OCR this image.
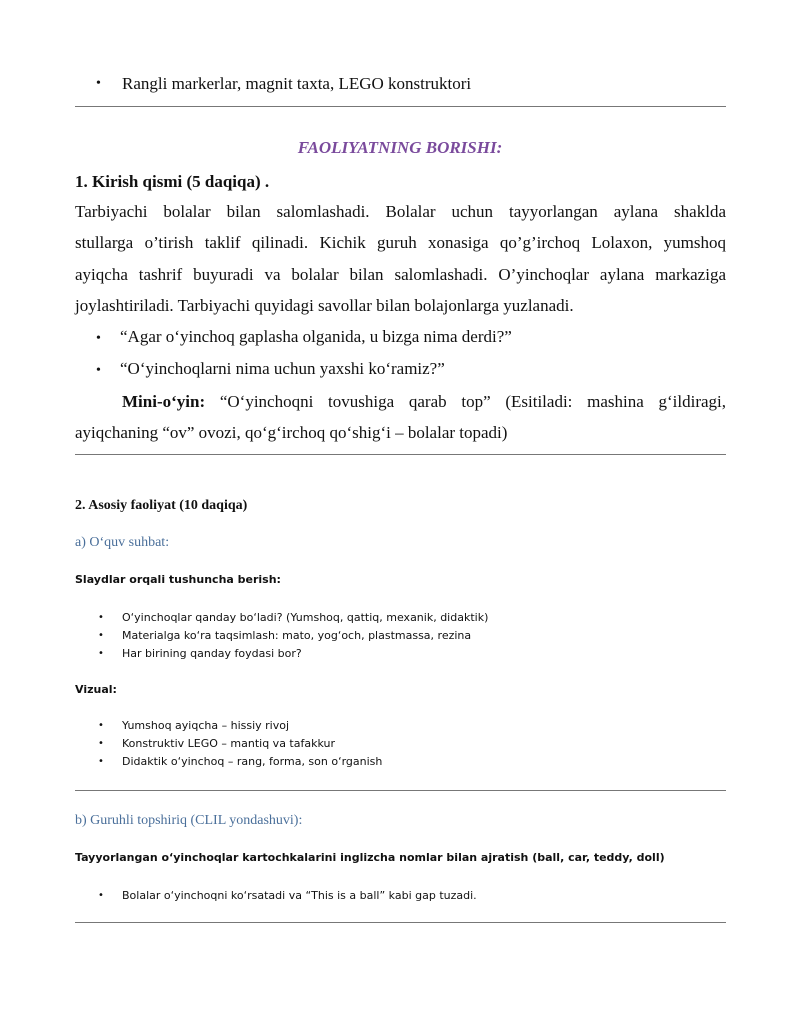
• Rangli markerlar, magnit taxta, LEGO konstruktori
FAOLIYATNING BORISHI:
1. Kirish qismi (5 daqiqa) .
Tarbiyachi bolalar bilan salomlashadi. Bolalar uchun tayyorlangan aylana shaklda
stullarga o’tirish taklif qilinadi. Kichik guruh xonasiga qo’g’irchoq Lolaxon, yumshoq
ayiqcha tashrif buyuradi va bolalar bilan salomlashadi. O’yinchoqlar aylana markaziga
joylashtiriladi. Tarbiyachi quyidagi savollar bilan bolajonlarga yuzlanadi.
• “Agar o‘yinchoq gaplasha olganida, u bizga nima derdi?”
• “O‘yinchoqlarni nima uchun yaxshi ko‘ramiz?”
Mini-o‘yin: “O‘yinchoqni tovushiga qarab top” (Esitiladi: mashina g‘ildiragi,
ayiqchaning “ov” ovozi, qo‘g‘irchoq qo‘shig‘i – bolalar topadi)
2. Asosiy faoliyat (10 daqiqa)
a) O‘quv suhbat:
Slaydlar orqali tushuncha berish:
• O‘yinchoqlar qanday bo‘ladi? (Yumshoq, qattiq, mexanik, didaktik)
• Materialga ko‘ra taqsimlash: mato, yog‘och, plastmassa, rezina
• Har birining qanday foydasi bor?
Vizual:
• Yumshoq ayiqcha – hissiy rivoj
• Konstruktiv LEGO – mantiq va tafakkur
• Didaktik o‘yinchoq – rang, forma, son o‘rganish
b) Guruhli topshiriq (CLIL yondashuvi):
Tayyorlangan o‘yinchoqlar kartochkalarini inglizcha nomlar bilan ajratish (ball, car, teddy, doll)
• Bolalar o‘yinchoqni ko‘rsatadi va “This is a ball” kabi gap tuzadi.
